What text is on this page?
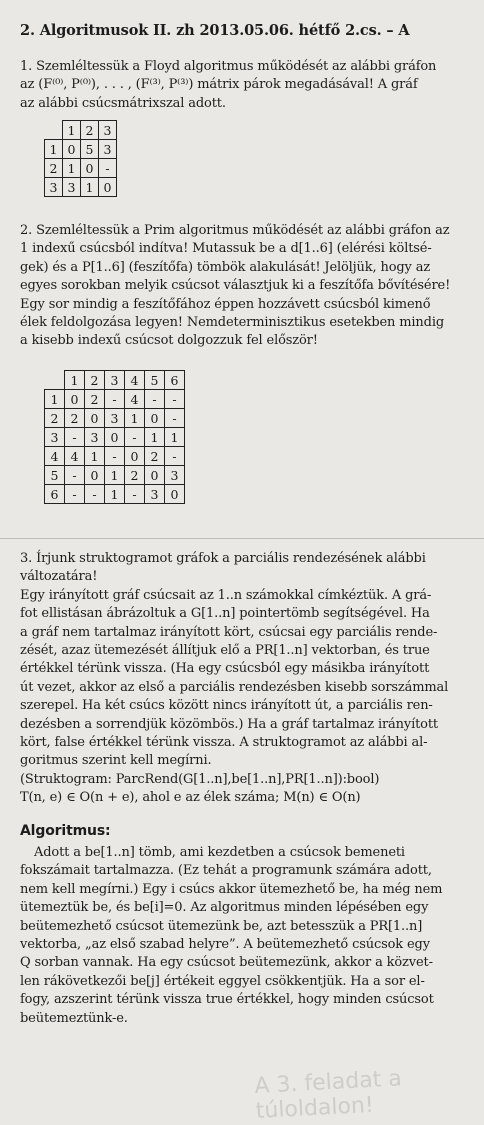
A 3. feladat a túloldalon!
2. Algoritmusok II. zh 2013.05.06. hétfő 2.cs. – A
1. Szemléltessük a Floyd algoritmus működését az alábbi gráfon
az (F⁽⁰⁾, P⁽⁰⁾), . . . , (F⁽³⁾, P⁽³⁾) mátrix párok megadásával! A gráf
az alábbi csúcsmátrixszal adott.
	1	2	3
1	0	5	3
2	1	0	-
3	3	1	0
2. Szemléltessük a Prim algoritmus működését az alábbi gráfon az
1 indexű csúcsból indítva! Mutassuk be a d[1..6] (elérési költsé-
gek) és a P[1..6] (feszítőfa) tömbök alakulását! Jelöljük, hogy az
egyes sorokban melyik csúcsot választjuk ki a feszítőfa bővítésére!
Egy sor mindig a feszítőfához éppen hozzávett csúcsból kimenő
élek feldolgozása legyen! Nemdeterminisztikus esetekben mindig
a kisebb indexű csúcsot dolgozzuk fel először!
	1	2	3	4	5	6
1	0	2	-	4	-	-
2	2	0	3	1	0	-
3	-	3	0	-	1	1
4	4	1	-	0	2	-
5	-	0	1	2	0	3
6	-	-	1	-	3	0
3. Írjunk struktogramot gráfok a parciális rendezésének alábbi
változatára!
Egy irányított gráf csúcsait az 1..n számokkal címkéztük. A grá-
fot ellistásan ábrázoltuk a G[1..n] pointertömb segítségével. Ha
a gráf nem tartalmaz irányított kört, csúcsai egy parciális rende-
zését, azaz ütemezését állítjuk elő a PR[1..n] vektorban, és true
értékkel térünk vissza. (Ha egy csúcsból egy másikba irányított
út vezet, akkor az első a parciális rendezésben kisebb sorszámmal
szerepel. Ha két csúcs között nincs irányított út, a parciális ren-
dezésben a sorrendjük közömbös.) Ha a gráf tartalmaz irányított
kört, false értékkel térünk vissza. A struktogramot az alábbi al-
goritmus szerint kell megírni.
(Struktogram: ParcRend(G[1..n],be[1..n],PR[1..n]):bool)
T(n, e) ∈ O(n + e), ahol e az élek száma; M(n) ∈ O(n)
Algoritmus:
Adott a be[1..n] tömb, ami kezdetben a csúcsok bemeneti
fokszámait tartalmazza. (Ez tehát a programunk számára adott,
nem kell megírni.) Egy i csúcs akkor ütemezhető be, ha még nem
ütemeztük be, és be[i]=0. Az algoritmus minden lépésében egy
beütemezhető csúcsot ütemezünk be, azt betesszük a PR[1..n]
vektorba, „az első szabad helyre”. A beütemezhető csúcsok egy
Q sorban vannak. Ha egy csúcsot beütemezünk, akkor a közvet-
len rákövetkezői be[j] értékeit eggyel csökkentjük. Ha a sor el-
fogy, azszerint térünk vissza true értékkel, hogy minden csúcsot
beütemeztünk-e.
